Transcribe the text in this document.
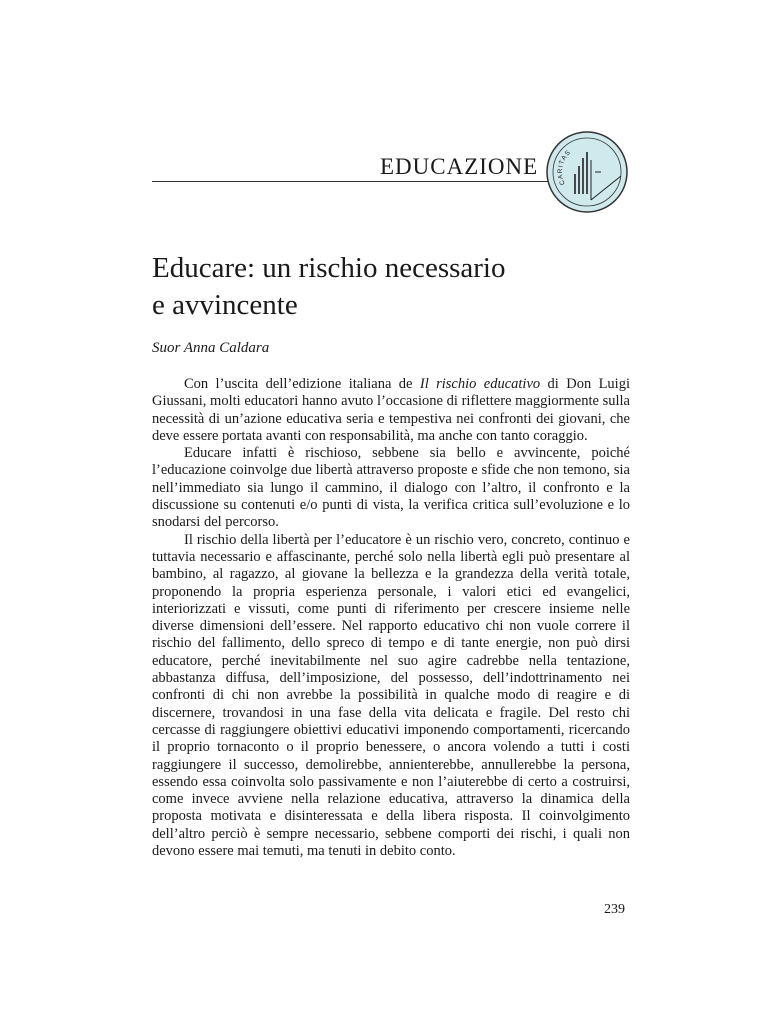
EDUCAZIONE
CARITAS
Educare: un rischio necessario
e avvincente
Suor Anna Caldara

Con l’uscita dell’edizione italiana de Il rischio educativo di Don Luigi Giussani, molti educatori hanno avuto l’occasione di riflettere maggiormente sulla necessità di un’azione educativa seria e tempestiva nei confronti dei giovani, che deve essere portata avanti con responsabilità, ma anche con tanto coraggio.

Educare infatti è rischioso, sebbene sia bello e avvincente, poiché l’educazione coinvolge due libertà attraverso proposte e sfide che non temono, sia nell’immediato sia lungo il cammino, il dialogo con l’altro, il confronto e la discussione su contenuti e/o punti di vista, la verifica critica sull’evoluzione e lo snodarsi del percorso.

Il rischio della libertà per l’educatore è un rischio vero, concreto, continuo e tuttavia necessario e affascinante, perché solo nella libertà egli può presentare al bambino, al ragazzo, al giovane la bellezza e la grandezza della verità totale, proponendo la propria esperienza personale, i valori etici ed evangelici, interiorizzati e vissuti, come punti di riferimento per crescere insieme nelle diverse dimensioni dell’essere. Nel rapporto educativo chi non vuole correre il rischio del fallimento, dello spreco di tempo e di tante energie, non può dirsi educatore, perché inevitabilmente nel suo agire cadrebbe nella tentazione, abbastanza diffusa, dell’imposizione, del possesso, dell’indottrinamento nei confronti di chi non avrebbe la possibilità in qualche modo di reagire e di discernere, trovandosi in una fase della vita delicata e fragile. Del resto chi cercasse di raggiungere obiettivi educativi imponendo comportamenti, ricercando il proprio tornaconto o il proprio benessere, o ancora volendo a tutti i costi raggiungere il successo, demolirebbe, annienterebbe, annullerebbe la persona, essendo essa coinvolta solo passivamente e non l’aiuterebbe di certo a costruirsi, come invece avviene nella relazione educativa, attraverso la dinamica della proposta motivata e disinteressata e della libera risposta. Il coinvolgimento dell’altro perciò è sempre necessario, sebbene comporti dei rischi, i quali non devono essere mai temuti, ma tenuti in debito conto.

239
